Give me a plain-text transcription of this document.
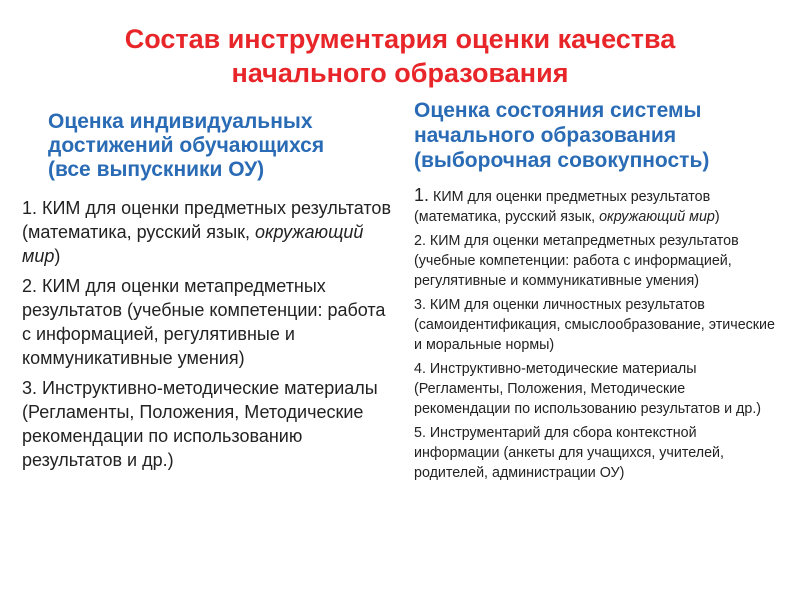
Состав инструментария оценки качества
начального образования
Оценка индивидуальных
достижений обучающихся
(все выпускники ОУ)
1. КИМ для оценки предметных результатов (математика, русский язык, окружающий мир)
2. КИМ для оценки метапредметных результатов (учебные компетенции: работа с информацией, регулятивные и коммуникативные умения)
3. Инструктивно-методические материалы (Регламенты, Положения, Методические рекомендации по использованию результатов и др.)
Оценка состояния системы
начального образования
(выборочная совокупность)
1. КИМ для оценки предметных результатов (математика, русский язык, окружающий мир)
2. КИМ для оценки метапредметных результатов (учебные компетенции: работа с информацией, регулятивные и коммуникативные умения)
3. КИМ для оценки личностных результатов (самоидентификация, смыслообразование, этические и моральные нормы)
4. Инструктивно-методические материалы (Регламенты, Положения, Методические рекомендации по использованию результатов и др.)
5. Инструментарий для сбора контекстной информации (анкеты для учащихся, учителей, родителей, администрации ОУ)
